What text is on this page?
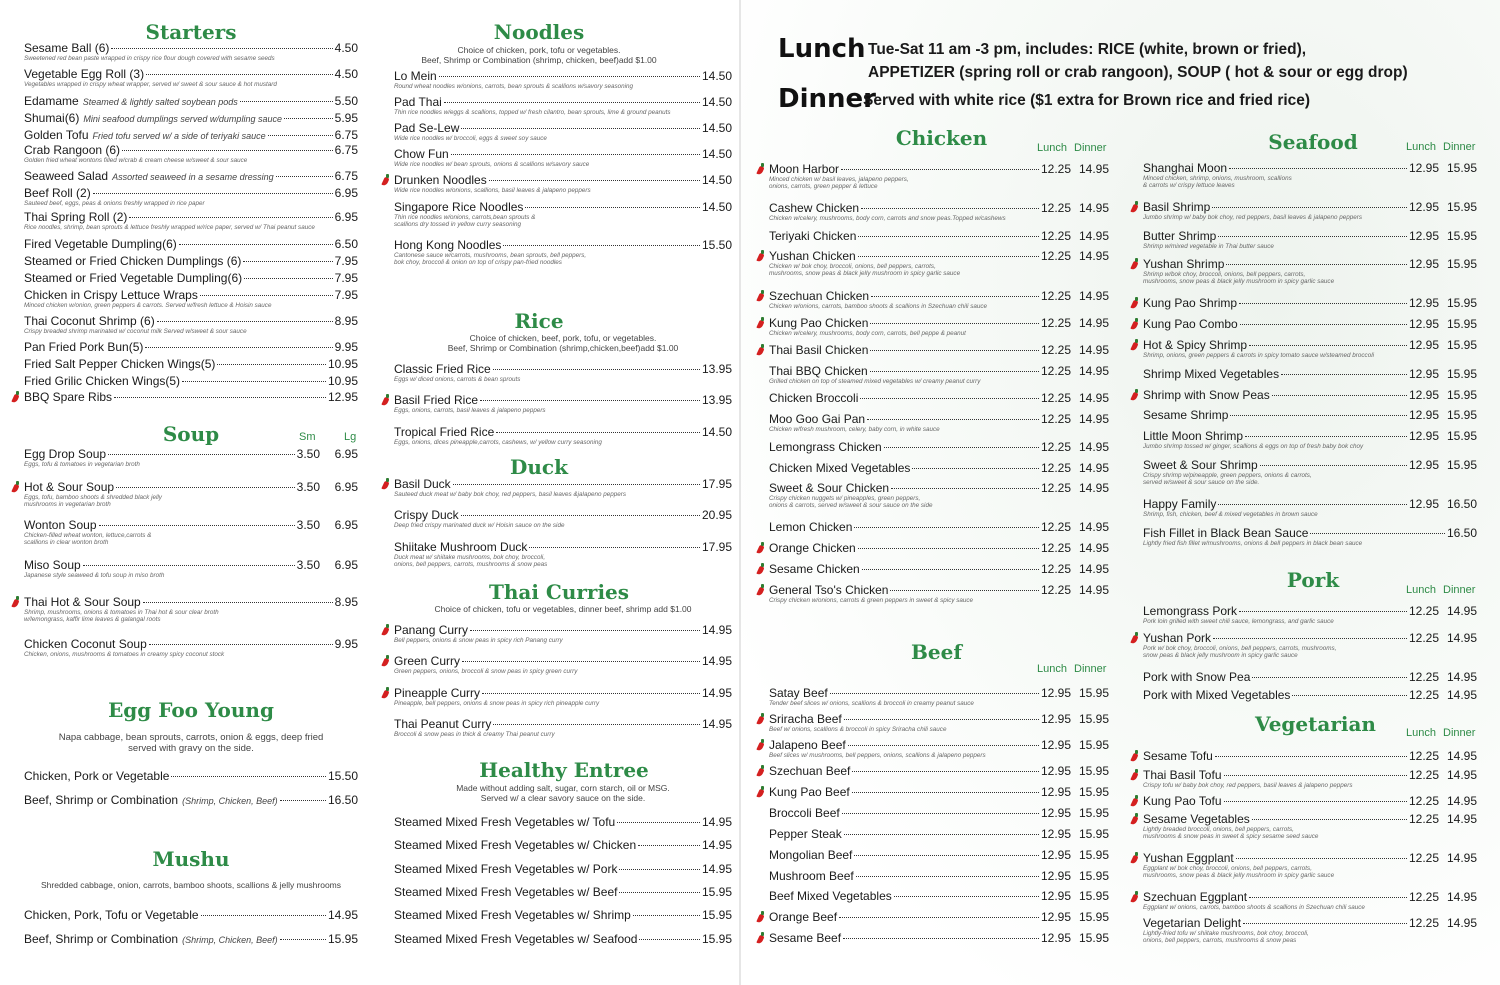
Starters
Sesame Ball (6)	4.50
Sweetened red bean paste wrapped in crispy rice flour dough covered with sesame seeds
Vegetable Egg Roll (3)	4.50
Vegetables wrapped in crispy wheat wrapper, served w/ sweet & sour sauce & hot mustard
Edamame Steamed & lightly salted soybean pods	5.50
Shumai(6) Mini seafood dumplings served w/dumpling sauce	5.95
Golden Tofu Fried tofu served w/ a side of teriyaki sauce	6.75
Crab Rangoon (6)	6.75
Golden fried wheat wontons filled w/crab & cream cheese w/sweet & sour sauce
Seaweed Salad Assorted seaweed in a sesame dressing	6.75
Beef Roll (2)	6.95
Sauteed beef, eggs, peas & onions freshly wrapped in rice paper
Thai Spring Roll (2)	6.95
Rice noodles, shrimp, bean sprouts & lettuce freshly wrapped w/rice paper, served w/ Thai peanut sauce
Fired Vegetable Dumpling(6)	6.50
Steamed or Fried Chicken Dumplings (6)	7.95
Steamed or Fried Vegetable Dumpling(6)	7.95
Chicken in Crispy Lettuce Wraps	7.95
Minced chicken w/onion, green peppers & carrots. Served w/fresh lettuce & Hoisin sauce
Thai Coconut Shrimp (6)	8.95
Crispy breaded shrimp marinated w/ coconut milk Served w/sweet & sour sauce
Pan Fried Pork Bun(5)	9.95
Fried Salt Pepper Chicken Wings(5)	10.95
Fried Grilic Chicken Wings(5)	10.95
BBQ Spare Ribs	12.95
Soup	Sm	Lg
Egg Drop Soup	3.50	6.95
Eggs, tofu & tomatoes in vegetarian broth
Hot & Sour Soup	3.50	6.95
Eggs, tofu, bamboo shoots & shredded black jelly
mushrooms in vegetarian broth
Wonton Soup	3.50	6.95
Chicken-filled wheat wonton, lettuce,carrots &
scallions in clear wonton broth
Miso Soup	3.50	6.95
Japanese style seaweed & tofu soup in miso broth
Thai Hot & Sour Soup	8.95
Shrimp, mushrooms, onions & tomatoes in Thai hot & sour clear broth
w/lemongrass, kaffir lime leaves & galangal roots
Chicken Coconut Soup	9.95
Chicken, onions, mushrooms & tomatoes in creamy spicy coconut stock
Egg Foo Young
Napa cabbage, bean sprouts, carrots, onion & eggs, deep fried
served with gravy on the side.
Chicken, Pork or Vegetable	15.50
Beef, Shrimp or Combination (Shrimp, Chicken, Beef)	16.50
Mushu
Shredded cabbage, onion, carrots, bamboo shoots, scallions & jelly mushrooms
Chicken, Pork, Tofu or Vegetable	14.95
Beef, Shrimp or Combination (Shrimp, Chicken, Beef)	15.95
Noodles
Choice of chicken, pork, tofu or vegetables.
Beef, Shrimp or Combination (shrimp, chicken, beef)add $1.00
Lo Mein	14.50
Round wheat noodles w/onions, carrots, bean sprouts & scallions w/savory seasoning
Pad Thai	14.50
Thin rice noodles w/eggs & scallions, topped w/ fresh cilantro, bean sprouts, lime & ground peanuts
Pad Se-Lew	14.50
Wide rice noodles w/ broccoli, eggs & sweet soy sauce
Chow Fun	14.50
Wide rice noodles w/ bean sprouts, onions & scallions w/savory sauce
Drunken Noodles	14.50
Wide rice noodles w/onions, scallions, basil leaves & jalapeno peppers
Singapore Rice Noodles	14.50
Thin rice noodles w/onions, carrots,bean sprouts &
scallions dry tossed in yellow curry seasoning
Hong Kong Noodles	15.50
Cantonese sauce w/carrots, mushrooms, bean sprouts, bell peppers,
bok choy, broccoli & onion on top of crispy pan-fried noodles
Rice
Choice of chicken, beef, pork, tofu, or vegetables.
Beef, Shrimp or Combination (shrimp,chicken,beef)add $1.00
Classic Fried Rice	13.95
Eggs w/ diced onions, carrots & bean sprouts
Basil Fried Rice	13.95
Eggs, onions, carrots, basil leaves & jalapeno peppers
Tropical Fried Rice	14.50
Eggs, onions, dices pineapple,carrots, cashews, w/ yellow curry seasoning
Duck
Basil Duck	17.95
Sauteed duck meat w/ baby bok choy, red peppers, basil leaves &jalapeno peppers
Crispy Duck	20.95
Deep fried crispy marinated duck w/ Hoisin sauce on the side
Shiitake Mushroom Duck	17.95
Duck meat w/ shiitake mushrooms, bok choy, broccoli,
onions, bell peppers, carrots, mushrooms & snow peas
Thai Curries
Choice of chicken, tofu or vegetables, dinner beef, shrimp add $1.00
Panang Curry	14.95
Bell peppers, onions & snow peas in spicy rich Panang curry
Green Curry	14.95
Green peppers, onions, broccoli & snow peas in spicy green curry
Pineapple Curry	14.95
Pineapple, bell peppers, onions & snow peas in spicy rich pineapple curry
Thai Peanut Curry	14.95
Broccoli & snow peas in thick & creamy Thai peanut curry
Healthy Entree
Made without adding salt, sugar, corn starch, oil or MSG.
Served w/ a clear savory sauce on the side.
Steamed Mixed Fresh Vegetables w/ Tofu	14.95
Steamed Mixed Fresh Vegetables w/ Chicken	14.95
Steamed Mixed Fresh Vegetables w/ Pork	14.95
Steamed Mixed Fresh Vegetables w/ Beef	15.95
Steamed Mixed Fresh Vegetables w/ Shrimp	15.95
Steamed Mixed Fresh Vegetables w/ Seafood	15.95
Lunch Tue-Sat 11 am -3 pm, includes: RICE (white, brown or fried),
APPETIZER (spring roll or crab rangoon), SOUP ( hot & sour or egg drop)
Dinner
Served with white rice ($1 extra for Brown rice and fried rice)
Chicken	Lunch Dinner
Moon Harbor	12.25 14.95
Minced chicken w/ basil leaves, jalapeno peppers,
onions, carrots, green pepper & lettuce
Cashew Chicken	12.25 14.95
Chicken w/celery, mushrooms, body corn, carrots and snow peas.Topped w/cashews
Teriyaki Chicken	12.25 14.95
Yushan Chicken	12.25 14.95
Chicken w/ bok choy, broccoli, onions, bell peppers, carrots,
mushrooms, snow peas & black jelly mushroom in spicy garlic sauce
Szechuan Chicken	12.25 14.95
Chicken w/onions, carrots, bamboo shoots & scallions in Szechuan chili sauce
Kung Pao Chicken	12.25 14.95
Chicken w/celery, mushrooms, body corn, carrots, bell peppe & peanut
Thai Basil Chicken	12.25 14.95
Thai BBQ Chicken	12.25 14.95
Grilled chicken on top of steamed mixed vegetables w/ creamy peanut curry
Chicken Broccoli	12.25 14.95
Moo Goo Gai Pan	12.25 14.95
Chicken w/fresh mushroom, celery, baby corn, in white sauce
Lemongrass Chicken	12.25 14.95
Chicken Mixed Vegetables	12.25 14.95
Sweet & Sour Chicken	12.25 14.95
Crispy chicken nuggets w/ pineapples, green peppers,
onions & carrots, served w/sweet & sour sauce on the side
Lemon Chicken	12.25 14.95
Orange Chicken	12.25 14.95
Sesame Chicken	12.25 14.95
General Tso's Chicken	12.25 14.95
Crispy chicken w/onions, carrots & green peppers in sweet & spicy sauce
Beef
Lunch Dinner
Satay Beef	12.95 15.95
Tender beef slices w/ onions, scallions & broccoli in creamy peanut sauce
Sriracha Beef	12.95 15.95
Beef w/ onions, scallions & broccoli in spicy Sriracha chili sauce
Jalapeno Beef	12.95 15.95
Beef slices w/ mushrooms, bell peppers, onions, scallions & jalapeno peppers
Szechuan Beef	12.95 15.95
Kung Pao Beef	12.95 15.95
Broccoli Beef	12.95 15.95
Pepper Steak	12.95 15.95
Mongolian Beef	12.95 15.95
Mushroom Beef	12.95 15.95
Beef Mixed Vegetables	12.95 15.95
Orange Beef	12.95 15.95
Sesame Beef	12.95 15.95
Seafood	Lunch Dinner
Shanghai Moon	12.95 15.95
Minced chicken, shrimp, onions, mushroom, scallions
& carrots w/ crispy lettuce leaves
Basil Shrimp	12.95 15.95
Jumbo shrimp w/ baby bok choy, red peppers, basil leaves & jalapeno peppers
Butter Shrimp	12.95 15.95
Shrimp w/mixed vegetable in Thai butter sauce
Yushan Shrimp	12.95 15.95
Shrimp w/bok choy, broccoli, onions, bell peppers, carrots,
mushrooms, snow peas & black jelly mushroom in spicy garlic sauce
Kung Pao Shrimp	12.95 15.95
Kung Pao Combo	12.95 15.95
Hot & Spicy Shrimp	12.95 15.95
Shrimp, onions, green peppers & carrots in spicy tomato sauce w/steamed broccoli
Shrimp Mixed Vegetables	12.95 15.95
Shrimp with Snow Peas	12.95 15.95
Sesame Shrimp	12.95 15.95
Little Moon Shrimp	12.95 15.95
Jumbo shrimp tossed w/ ginger, scallions & eggs on top of fresh baby bok choy
Sweet & Sour Shrimp	12.95 15.95
Crispy shrimp w/pineapple, green peppers, onions & carrots,
served w/sweet & sour sauce on the side.
Happy Family	12.95 16.50
Shrimp, fish, chicken, beef & mixed vegetables in brown sauce
Fish Fillet in Black Bean Sauce	16.50
Lightly fried fish fillet w/mushrooms, onions & bell peppers in black bean sauce
Pork	Lunch Dinner
Lemongrass Pork	12.25 14.95
Pork loin grilled with sweet chili sauce, lemongrass, and garlic sauce
Yushan Pork	12.25 14.95
Pork w/ bok choy, broccoli, onions, bell peppers, carrots, mushrooms,
snow peas & black jelly mushroom in spicy garlic sauce
Pork with Snow Pea	12.25 14.95
Pork with Mixed Vegetables	12.25 14.95
Vegetarian	Lunch Dinner
Sesame Tofu	12.25 14.95
Thai Basil Tofu	12.25 14.95
Crispy tofu w/ baby bok choy, red peppers, basil leaves & jalapeno peppers
Kung Pao Tofu	12.25 14.95
Sesame Vegetables	12.25 14.95
Lightly breaded broccoli, onions, bell peppers, carrots,
mushrooms & snow peas in sweet & spicy sesame seed sauce
Yushan Eggplant	12.25 14.95
Eggplant w/ bok choy, broccoli, onions, bell peppers, carrots,
mushrooms, snow peas & black jelly mushroom in spicy garlic sauce
Szechuan Eggplant	12.25 14.95
Eggplant w/ onions, carrots, bamboo shoots & scallions in Szechuan chili sauce
Vegetarian Delight	12.25 14.95
Lightly-fried tofu w/ shiitake mushrooms, bok choy, broccoli,
onions, bell peppers, carrots, mushrooms & snow peas
